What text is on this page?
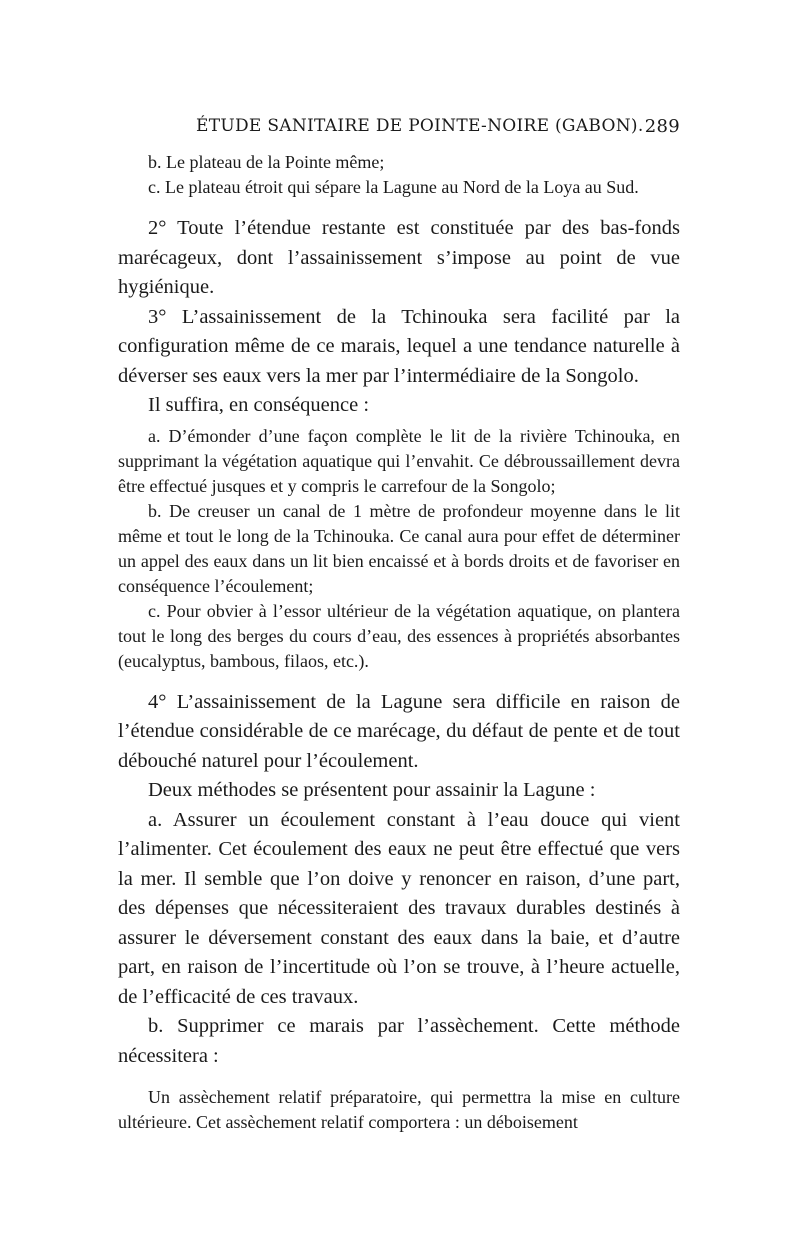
ÉTUDE SANITAIRE DE POINTE-NOIRE (GABON). 289

b. Le plateau de la Pointe même;

c. Le plateau étroit qui sépare la Lagune au Nord de la Loya au Sud.

2° Toute l’étendue restante est constituée par des bas-fonds marécageux, dont l’assainissement s’impose au point de vue hygiénique.

3° L’assainissement de la Tchinouka sera facilité par la configuration même de ce marais, lequel a une tendance naturelle à déverser ses eaux vers la mer par l’intermédiaire de la Songolo.

Il suffira, en conséquence :

a. D’émonder d’une façon complète le lit de la rivière Tchinouka, en supprimant la végétation aquatique qui l’envahit. Ce débroussaillement devra être effectué jusques et y compris le carrefour de la Songolo;

b. De creuser un canal de 1 mètre de profondeur moyenne dans le lit même et tout le long de la Tchinouka. Ce canal aura pour effet de déterminer un appel des eaux dans un lit bien encaissé et à bords droits et de favoriser en conséquence l’écoulement;

c. Pour obvier à l’essor ultérieur de la végétation aquatique, on plantera tout le long des berges du cours d’eau, des essences à propriétés absorbantes (eucalyptus, bambous, filaos, etc.).

4° L’assainissement de la Lagune sera difficile en raison de l’étendue considérable de ce marécage, du défaut de pente et de tout débouché naturel pour l’écoulement.

Deux méthodes se présentent pour assainir la Lagune :

a. Assurer un écoulement constant à l’eau douce qui vient l’alimenter. Cet écoulement des eaux ne peut être effectué que vers la mer. Il semble que l’on doive y renoncer en raison, d’une part, des dépenses que nécessiteraient des travaux durables destinés à assurer le déversement constant des eaux dans la baie, et d’autre part, en raison de l’incertitude où l’on se trouve, à l’heure actuelle, de l’efficacité de ces travaux.

b. Supprimer ce marais par l’assèchement. Cette méthode nécessitera :

Un assèchement relatif préparatoire, qui permettra la mise en culture ultérieure. Cet assèchement relatif comportera : un déboisement
